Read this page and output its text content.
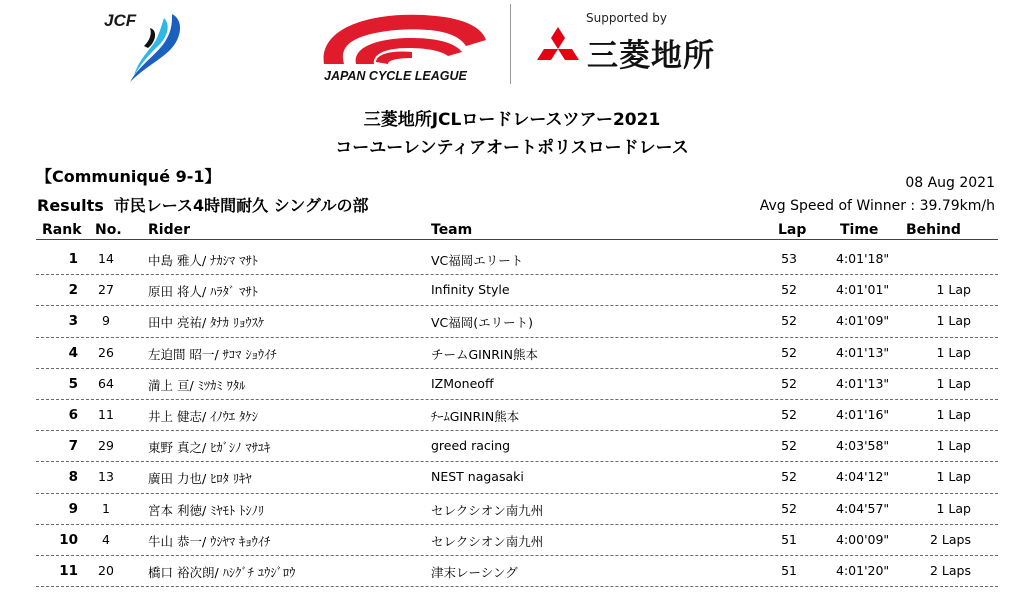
JCF
JAPAN CYCLE LEAGUE
Supported by
三菱地所
三菱地所JCLロードレースツアー2021
コーユーレンティアオートポリスロードレース
【Communiqué 9-1】
Results 市民レース4時間耐久 シングルの部
08 Aug 2021
Avg Speed of Winner : 39.79km/h
Rank No. Rider	Team	Lap Time Behind
1	14	中島 雅人/ ﾅｶｼﾏ ﾏｻﾄ	VC福岡エリート	53	4:01'18"
2	27	原田 将人/ ﾊﾗﾀﾞ ﾏｻﾄ	Infinity Style	52	4:01'01"	1 Lap
3	9	田中 亮祐/ ﾀﾅｶ ﾘｮｳｽｹ	VC福岡(エリート)	52	4:01'09"	1 Lap
4	26	左迫間 昭一/ ｻｺﾏ ｼｮｳｲﾁ	チームGINRIN熊本	52	4:01'13"	1 Lap
5	64	満上 亘/ ﾐﾂｶﾐ ﾜﾀﾙ	IZMoneoff	52	4:01'13"	1 Lap
6	11	井上 健志/ ｲﾉｳｴ ﾀｹｼ	ﾁｰﾑGINRIN熊本	52	4:01'16"	1 Lap
7	29	東野 真之/ ﾋｶﾞｼﾉ ﾏｻﾕｷ	greed racing	52	4:03'58"	1 Lap
8	13	廣田 力也/ ﾋﾛﾀ ﾘｷﾔ	NEST nagasaki	52	4:04'12"	1 Lap
9	1	宮本 利徳/ ﾐﾔﾓﾄ ﾄｼﾉﾘ	セレクシオン南九州	52	4:04'57"	1 Lap
10	4	牛山 恭一/ ｳｼﾔﾏ ｷｮｳｲﾁ	セレクシオン南九州	51	4:00'09"	2 Laps
11	20	橋口 裕次朗/ ﾊｼｸﾞﾁ ﾕｳｼﾞﾛｳ	津末レーシング	51	4:01'20"	2 Laps
